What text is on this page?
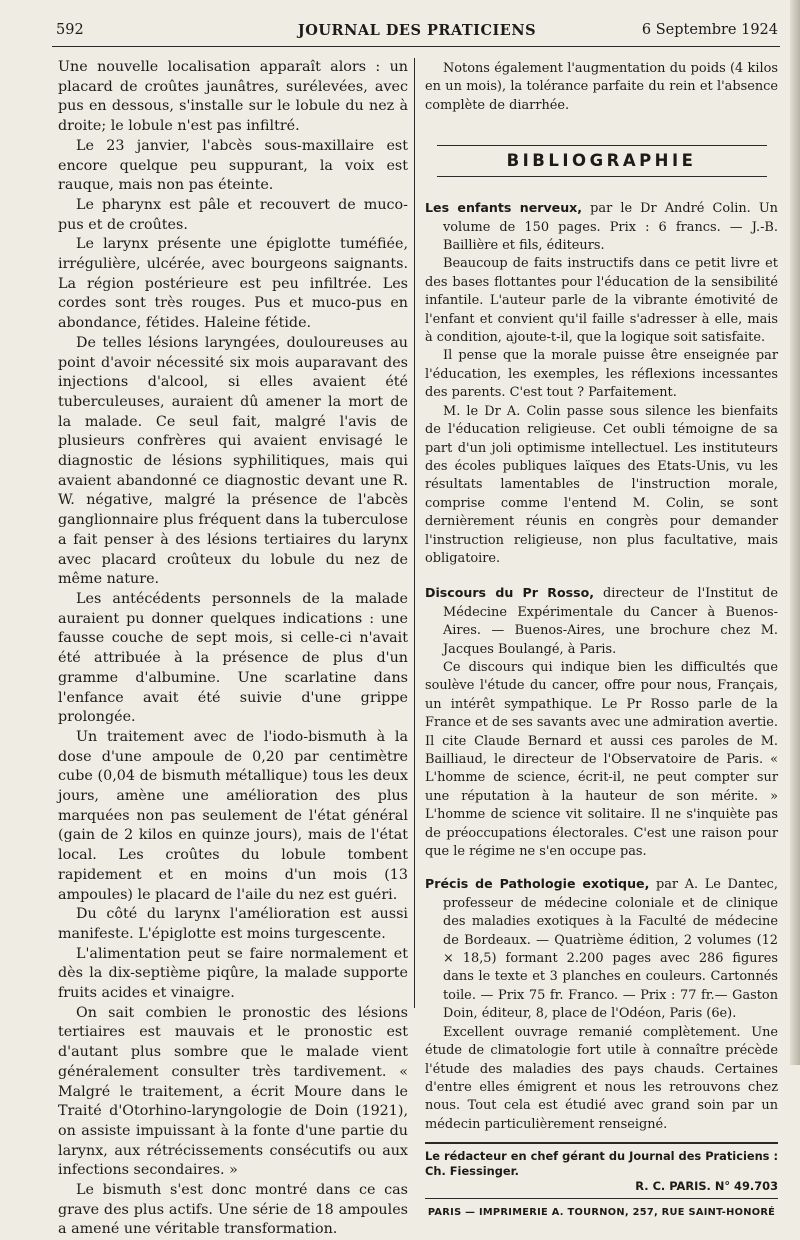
592	JOURNAL DES PRATICIENS	6 Septembre 1924

Une nouvelle localisation apparaît alors : un placard de croûtes jaunâtres, surélevées, avec pus en dessous, s'installe sur le lobule du nez à droite; le lobule n'est pas infiltré.

Le 23 janvier, l'abcès sous-maxillaire est encore quelque peu suppurant, la voix est rauque, mais non pas éteinte.

Le pharynx est pâle et recouvert de muco-pus et de croûtes.

Le larynx présente une épiglotte tuméfiée, irrégulière, ulcérée, avec bourgeons saignants. La région postérieure est peu infiltrée. Les cordes sont très rouges. Pus et muco-pus en abondance, fétides. Haleine fétide.

De telles lésions laryngées, douloureuses au point d'avoir nécessité six mois auparavant des injections d'alcool, si elles avaient été tuberculeuses, auraient dû amener la mort de la malade. Ce seul fait, malgré l'avis de plusieurs confrères qui avaient envisagé le diagnostic de lésions syphilitiques, mais qui avaient abandonné ce diagnostic devant une R. W. négative, malgré la présence de l'abcès ganglionnaire plus fréquent dans la tuberculose a fait penser à des lésions tertiaires du larynx avec placard croûteux du lobule du nez de même nature.

Les antécédents personnels de la malade auraient pu donner quelques indications : une fausse couche de sept mois, si celle-ci n'avait été attribuée à la présence de plus d'un gramme d'albumine. Une scarlatine dans l'enfance avait été suivie d'une grippe prolongée.

Un traitement avec de l'iodo-bismuth à la dose d'une ampoule de 0,20 par centimètre cube (0,04 de bismuth métallique) tous les deux jours, amène une amélioration des plus marquées non pas seulement de l'état général (gain de 2 kilos en quinze jours), mais de l'état local. Les croûtes du lobule tombent rapidement et en moins d'un mois (13 ampoules) le placard de l'aile du nez est guéri.

Du côté du larynx l'amélioration est aussi manifeste. L'épiglotte est moins turgescente.

L'alimentation peut se faire normalement et dès la dix-septième piqûre, la malade supporte fruits acides et vinaigre.

On sait combien le pronostic des lésions tertiaires est mauvais et le pronostic est d'autant plus sombre que le malade vient généralement consulter très tardivement. « Malgré le traitement, a écrit Moure dans le Traité d'Otorhino-laryngologie de Doin (1921), on assiste impuissant à la fonte d'une partie du larynx, aux rétrécissements consécutifs ou aux infections secondaires. »

Le bismuth s'est donc montré dans ce cas grave des plus actifs. Une série de 18 ampoules a amené une véritable transformation.

Notons également l'augmentation du poids (4 kilos en un mois), la tolérance parfaite du rein et l'absence complète de diarrhée.

BIBLIOGRAPHIE

Les enfants nerveux, par le Dr André Colin. Un volume de 150 pages. Prix : 6 francs. — J.-B. Baillière et fils, éditeurs.

Beaucoup de faits instructifs dans ce petit livre et des bases flottantes pour l'éducation de la sensibilité infantile. L'auteur parle de la vibrante émotivité de l'enfant et convient qu'il faille s'adresser à elle, mais à condition, ajoute-t-il, que la logique soit satisfaite.

Il pense que la morale puisse être enseignée par l'éducation, les exemples, les réflexions incessantes des parents. C'est tout ? Parfaitement.

M. le Dr A. Colin passe sous silence les bienfaits de l'éducation religieuse. Cet oubli témoigne de sa part d'un joli optimisme intellectuel. Les instituteurs des écoles publiques laïques des Etats-Unis, vu les résultats lamentables de l'instruction morale, comprise comme l'entend M. Colin, se sont dernièrement réunis en congrès pour demander l'instruction religieuse, non plus facultative, mais obligatoire.

Discours du Pr Rosso, directeur de l'Institut de Médecine Expérimentale du Cancer à Buenos-Aires. — Buenos-Aires, une brochure chez M. Jacques Boulangé, à Paris.

Ce discours qui indique bien les difficultés que soulève l'étude du cancer, offre pour nous, Français, un intérêt sympathique. Le Pr Rosso parle de la France et de ses savants avec une admiration avertie. Il cite Claude Bernard et aussi ces paroles de M. Bailliaud, le directeur de l'Observatoire de Paris. « L'homme de science, écrit-il, ne peut compter sur une réputation à la hauteur de son mérite. » L'homme de science vit solitaire. Il ne s'inquiète pas de préoccupations électorales. C'est une raison pour que le régime ne s'en occupe pas.

Précis de Pathologie exotique, par A. Le Dantec, professeur de médecine coloniale et de clinique des maladies exotiques à la Faculté de médecine de Bordeaux. — Quatrième édition, 2 volumes (12 × 18,5) formant 2.200 pages avec 286 figures dans le texte et 3 planches en couleurs. Cartonnés toile. — Prix 75 fr. Franco. — Prix : 77 fr.— Gaston Doin, éditeur, 8, place de l'Odéon, Paris (6e).

Excellent ouvrage remanié complètement. Une étude de climatologie fort utile à connaître précède l'étude des maladies des pays chauds. Certaines d'entre elles émigrent et nous les retrouvons chez nous. Tout cela est étudié avec grand soin par un médecin particulièrement renseigné.

Le rédacteur en chef gérant du Journal des Praticiens : Ch. Fiessinger.

R. C. PARIS. N° 49.703

PARIS — IMPRIMERIE A. TOURNON, 257, RUE SAINT-HONORÉ
